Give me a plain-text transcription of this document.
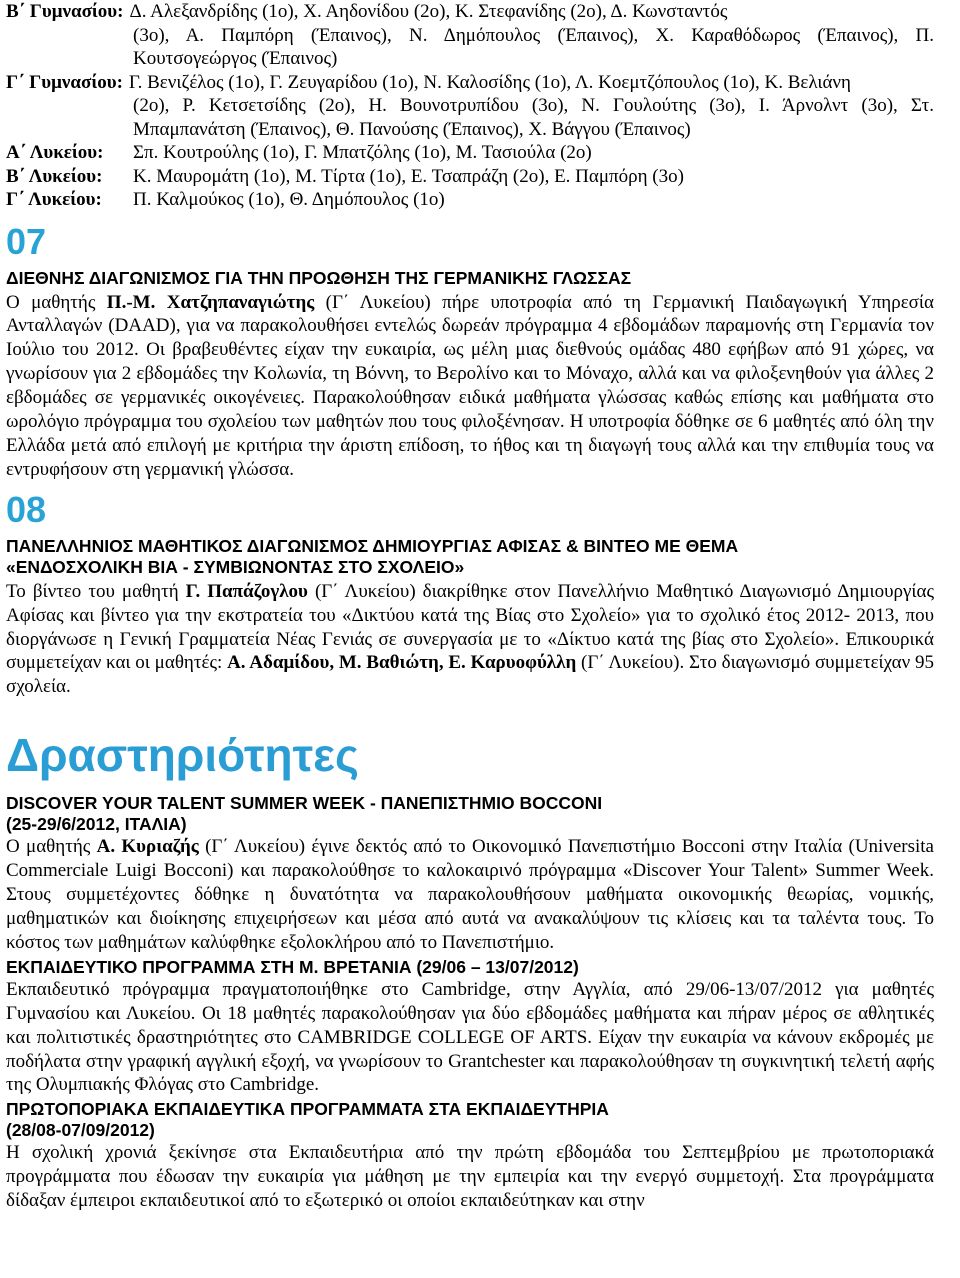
Β΄ Γυμνασίου: Δ. Αλεξανδρίδης (1ο), Χ. Αηδονίδου (2ο), Κ. Στεφανίδης (2ο), Δ. Κωνσταντός
(3ο), Α. Παμπόρη (Έπαινος), Ν. Δημόπουλος (Έπαινος), Χ. Καραθόδωρος (Έπαινος), Π.
Κουτσογεώργος (Έπαινος)
Γ΄ Γυμνασίου: Γ. Βενιζέλος (1ο), Γ. Ζευγαρίδου (1ο), Ν. Καλοσίδης (1ο), Λ. Κοεμτζόπουλος (1ο), Κ. Βελιάνη
(2ο), Ρ. Κετσετσίδης (2ο), Η. Βουνοτρυπίδου (3ο), Ν. Γουλούτης (3ο), Ι. Άρνολντ (3ο), Στ.
Μπαμπανάτση (Έπαινος), Θ. Πανούσης (Έπαινος), Χ. Βάγγου (Έπαινος)
Α΄ Λυκείου:	Σπ. Κουτρούλης (1ο), Γ. Μπατζόλης (1ο), Μ. Τασιούλα (2ο)
Β΄ Λυκείου:	Κ. Μαυρομάτη (1ο), Μ. Τίρτα (1ο), Ε. Τσαπράζη (2ο), Ε. Παμπόρη (3ο)
Γ΄ Λυκείου:	Π. Καλμούκος (1ο), Θ. Δημόπουλος (1ο)
07
ΔΙΕΘΝΗΣ ΔΙΑΓΩΝΙΣΜΟΣ ΓΙΑ ΤΗΝ ΠΡΟΩΘΗΣΗ ΤΗΣ ΓΕΡΜΑΝΙΚΗΣ ΓΛΩΣΣΑΣ

Ο μαθητής Π.-Μ. Χατζηπαναγιώτης (Γ΄ Λυκείου) πήρε υποτροφία από τη Γερμανική Παιδαγωγική Υπηρεσία Ανταλλαγών (DAAD), για να παρακολουθήσει εντελώς δωρεάν πρόγραμμα 4 εβδομάδων παραμονής στη Γερμανία τον Ιούλιο του 2012. Οι βραβευθέντες είχαν την ευκαιρία, ως μέλη μιας διεθνούς ομάδας 480 εφήβων από 91 χώρες, να γνωρίσουν για 2 εβδομάδες την Κολωνία, τη Βόννη, το Βερολίνο και το Μόναχο, αλλά και να φιλοξενηθούν για άλλες 2 εβδομάδες σε γερμανικές οικογένειες. Παρακολούθησαν ειδικά μαθήματα γλώσσας καθώς επίσης και μαθήματα στο ωρολόγιο πρόγραμμα του σχολείου των μαθητών που τους φιλοξένησαν. Η υποτροφία δόθηκε σε 6 μαθητές από όλη την Ελλάδα μετά από επιλογή με κριτήρια την άριστη επίδοση, το ήθος και τη διαγωγή τους αλλά και την επιθυμία τους να εντρυφήσουν στη γερμανική γλώσσα.

08
ΠΑΝΕΛΛΗΝΙΟΣ ΜΑΘΗΤΙΚΟΣ ΔΙΑΓΩΝΙΣΜΟΣ ΔΗΜΙΟΥΡΓΙΑΣ ΑΦΙΣΑΣ & ΒΙΝΤΕΟ ΜΕ ΘΕΜΑ
«ΕΝΔΟΣΧΟΛΙΚΗ ΒΙΑ - ΣΥΜΒΙΩΝΟΝΤΑΣ ΣΤΟ ΣΧΟΛΕΙΟ»

Το βίντεο του μαθητή Γ. Παπάζογλου (Γ΄ Λυκείου) διακρίθηκε στον Πανελλήνιο Μαθητικό Διαγωνισμό Δημιουργίας Αφίσας και βίντεο για την εκστρατεία του «Δικτύου κατά της Βίας στο Σχολείο» για το σχολικό έτος 2012- 2013, που διοργάνωσε η Γενική Γραμματεία Νέας Γενιάς σε συνεργασία με το «Δίκτυο κατά της βίας στο Σχολείο». Επικουρικά συμμετείχαν και οι μαθητές: Α. Αδαμίδου, Μ. Βαθιώτη, Ε. Καρυοφύλλη (Γ΄ Λυκείου). Στο διαγωνισμό συμμετείχαν 95 σχολεία.

Δραστηριότητες
DISCOVER YOUR TALENT SUMMER WEEK - ΠΑΝΕΠΙΣΤΗΜΙΟ BOCCONI
(25-29/6/2012, ΙΤΑΛΙΑ)

Ο μαθητής Α. Κυριαζής (Γ΄ Λυκείου) έγινε δεκτός από το Οικονομικό Πανεπιστήμιο Bocconi στην Ιταλία (Universita Commerciale Luigi Bocconi) και παρακολούθησε το καλοκαιρινό πρόγραμμα «Discover Your Talent» Summer Week. Στους συμμετέχοντες δόθηκε η δυνατότητα να παρακολουθήσουν μαθήματα οικονομικής θεωρίας, νομικής, μαθηματικών και διοίκησης επιχειρήσεων και μέσα από αυτά να ανακαλύψουν τις κλίσεις και τα ταλέντα τους. Το κόστος των μαθημάτων καλύφθηκε εξολοκλήρου από το Πανεπιστήμιο.

ΕΚΠΑΙΔΕΥΤΙΚΟ ΠΡΟΓΡΑΜΜΑ ΣΤΗ Μ. ΒΡΕΤΑΝΙΑ (29/06 – 13/07/2012)

Εκπαιδευτικό πρόγραμμα πραγματοποιήθηκε στο Cambridge, στην Αγγλία, από 29/06-13/07/2012 για μαθητές Γυμνασίου και Λυκείου. Οι 18 μαθητές παρακολούθησαν για δύο εβδομάδες μαθήματα και πήραν μέρος σε αθλητικές και πολιτιστικές δραστηριότητες στο CAMBRIDGE COLLEGE OF ARTS. Είχαν την ευκαιρία να κάνουν εκδρομές με ποδήλατα στην γραφική αγγλική εξοχή, να γνωρίσουν το Grantchester και παρακολούθησαν τη συγκινητική τελετή αφής της Ολυμπιακής Φλόγας στο Cambridge.

ΠΡΩΤΟΠΟΡΙΑΚΑ ΕΚΠΑΙΔΕΥΤΙΚΑ ΠΡΟΓΡΑΜΜΑΤΑ ΣΤΑ ΕΚΠΑΙΔΕΥΤΗΡΙΑ
(28/08-07/09/2012)

Η σχολική χρονιά ξεκίνησε στα Εκπαιδευτήρια από την πρώτη εβδομάδα του Σεπτεμβρίου με πρωτοποριακά προγράμματα που έδωσαν την ευκαιρία για μάθηση με την εμπειρία και την ενεργό συμμετοχή. Στα προγράμματα δίδαξαν έμπειροι εκπαιδευτικοί από το εξωτερικό οι οποίοι εκπαιδεύτηκαν και στην
